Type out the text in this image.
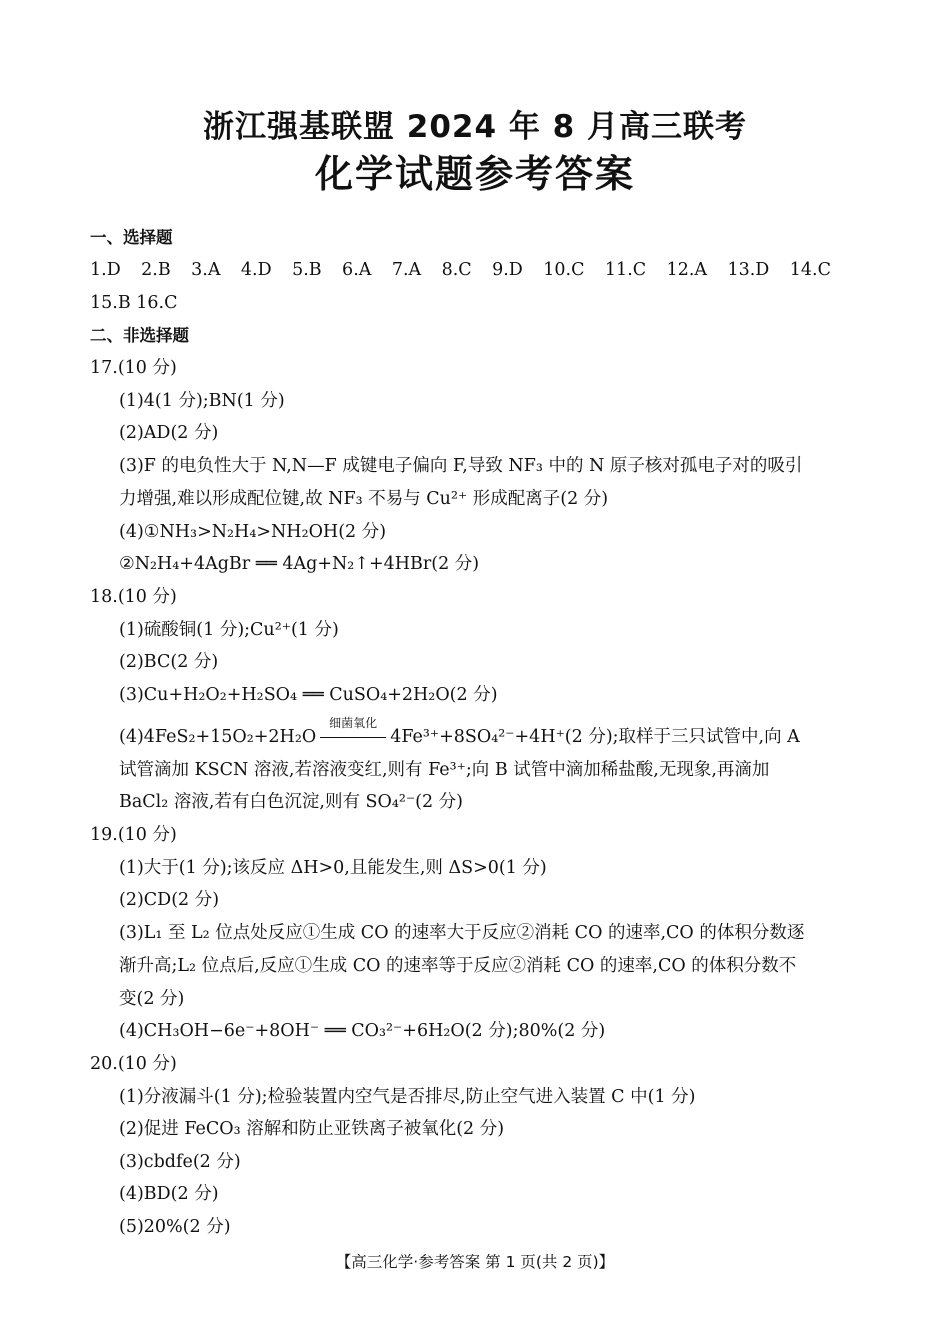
浙江强基联盟 2024 年 8 月高三联考
化学试题参考答案
一、选择题
1.D 2.B 3.A 4.D 5.B 6.A 7.A 8.C 9.D 10.C 11.C 12.A 13.D 14.C
15.B 16.C
二、非选择题
17.(10 分)
(1)4(1 分);BN(1 分)
(2)AD(2 分)
(3)F 的电负性大于 N,N—F 成键电子偏向 F,导致 NF₃ 中的 N 原子核对孤电子对的吸引
力增强,难以形成配位键,故 NF₃ 不易与 Cu²⁺ 形成配离子(2 分)
(4)①NH₃>N₂H₄>NH₂OH(2 分)
②N₂H₄+4AgBr ══ 4Ag+N₂↑+4HBr(2 分)
18.(10 分)
(1)硫酸铜(1 分);Cu²⁺(1 分)
(2)BC(2 分)
(3)Cu+H₂O₂+H₂SO₄ ══ CuSO₄+2H₂O(2 分)
(4)4FeS₂+15O₂+2H₂O
细菌氧化
4Fe³⁺+8SO₄²⁻+4H⁺(2 分);取样于三只试管中,向 A
试管滴加 KSCN 溶液,若溶液变红,则有 Fe³⁺;向 B 试管中滴加稀盐酸,无现象,再滴加
BaCl₂ 溶液,若有白色沉淀,则有 SO₄²⁻(2 分)
19.(10 分)
(1)大于(1 分);该反应 ΔH>0,且能发生,则 ΔS>0(1 分)
(2)CD(2 分)
(3)L₁ 至 L₂ 位点处反应①生成 CO 的速率大于反应②消耗 CO 的速率,CO 的体积分数逐
渐升高;L₂ 位点后,反应①生成 CO 的速率等于反应②消耗 CO 的速率,CO 的体积分数不
变(2 分)
(4)CH₃OH−6e⁻+8OH⁻ ══ CO₃²⁻+6H₂O(2 分);80%(2 分)
20.(10 分)
(1)分液漏斗(1 分);检验装置内空气是否排尽,防止空气进入装置 C 中(1 分)
(2)促进 FeCO₃ 溶解和防止亚铁离子被氧化(2 分)
(3)cbdfe(2 分)
(4)BD(2 分)
(5)20%(2 分)
【高三化学·参考答案 第 1 页(共 2 页)】
